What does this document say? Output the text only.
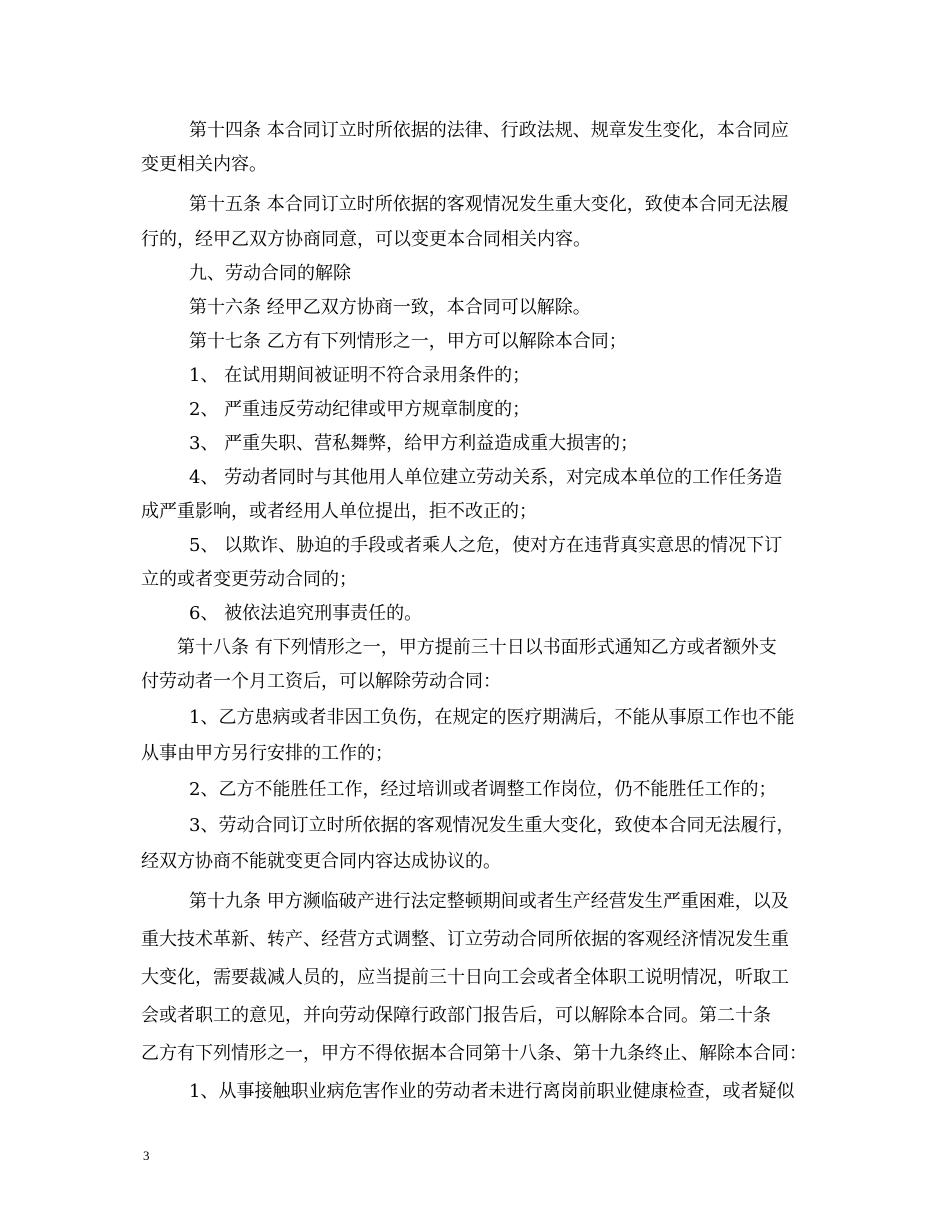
第十四条 本合同订立时所依据的法律、行政法规、规章发生变化，本合同应
变更相关内容。
第十五条 本合同订立时所依据的客观情况发生重大变化，致使本合同无法履
行的，经甲乙双方协商同意，可以变更本合同相关内容。
九、劳动合同的解除
第十六条 经甲乙双方协商一致，本合同可以解除。
第十七条 乙方有下列情形之一，甲方可以解除本合同；
1、 在试用期间被证明不符合录用条件的；
2、 严重违反劳动纪律或甲方规章制度的；
3、 严重失职、营私舞弊，给甲方利益造成重大损害的；
4、 劳动者同时与其他用人单位建立劳动关系，对完成本单位的工作任务造
成严重影响，或者经用人单位提出，拒不改正的；
5、 以欺诈、胁迫的手段或者乘人之危，使对方在违背真实意思的情况下订
立的或者变更劳动合同的；
6、 被依法追究刑事责任的。
第十八条 有下列情形之一，甲方提前三十日以书面形式通知乙方或者额外支
付劳动者一个月工资后，可以解除劳动合同：
1、乙方患病或者非因工负伤，在规定的医疗期满后，不能从事原工作也不能
从事由甲方另行安排的工作的；
2、乙方不能胜任工作，经过培训或者调整工作岗位，仍不能胜任工作的；
3、劳动合同订立时所依据的客观情况发生重大变化，致使本合同无法履行，
经双方协商不能就变更合同内容达成协议的。
第十九条 甲方濒临破产进行法定整顿期间或者生产经营发生严重困难，以及
重大技术革新、转产、经营方式调整、订立劳动合同所依据的客观经济情况发生重
大变化，需要裁减人员的，应当提前三十日向工会或者全体职工说明情况，听取工
会或者职工的意见，并向劳动保障行政部门报告后，可以解除本合同。第二十条
乙方有下列情形之一，甲方不得依据本合同第十八条、第十九条终止、解除本合同：
1、从事接触职业病危害作业的劳动者未进行离岗前职业健康检查，或者疑似
3
